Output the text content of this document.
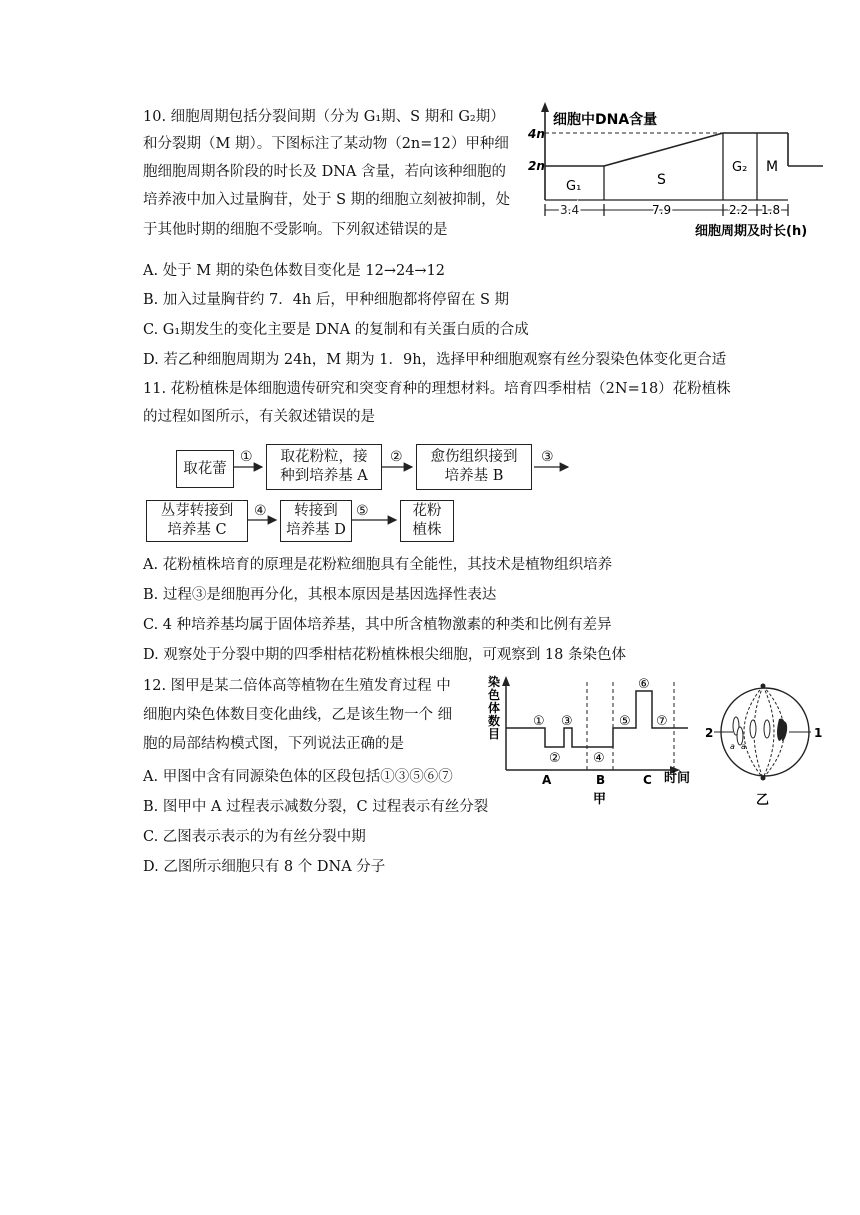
10. 细胞周期包括分裂间期（分为 G₁期、S 期和 G₂期）
和分裂期（M 期）。下图标注了某动物（2n=12）甲种细
胞细胞周期各阶段的时长及 DNA 含量，若向该种细胞的
培养液中加入过量胸苷，处于 S 期的细胞立刻被抑制，处
于其他时期的细胞不受影响。下列叙述错误的是
细胞中DNA含量
4n
2n
G₁	S
G₂ M
3.4	7.9	2.2 1.8
细胞周期及时长(h)
A. 处于 M 期的染色体数目变化是 12→24→12
B. 加入过量胸苷约 7．4h 后，甲种细胞都将停留在 S 期
C. G₁期发生的变化主要是 DNA 的复制和有关蛋白质的合成
D. 若乙种细胞周期为 24h，M 期为 1．9h，选择甲种细胞观察有丝分裂染色体变化更合适
11. 花粉植株是体细胞遗传研究和突变育种的理想材料。培育四季柑桔（2N=18）花粉植株
的过程如图所示，有关叙述错误的是
①	②	③
④	⑤
取花蕾
取花粉粒，接
种到培养基 A
愈伤组织接到
培养基 B
丛芽转接到
培养基 C
转接到
培养基 D
花粉
植株
A. 花粉植株培育的原理是花粉粒细胞具有全能性，其技术是植物组织培养
B. 过程③是细胞再分化，其根本原因是基因选择性表达
C. 4 种培养基均属于固体培养基，其中所含植物激素的种类和比例有差异
D. 观察处于分裂中期的四季柑桔花粉植株根尖细胞，可观察到 18 条染色体
12. 图甲是某二倍体高等植物在生殖发育过程 中
细胞内染色体数目变化曲线，乙是该生物一个 细
胞的局部结构模式图，下列说法正确的是
A. 甲图中含有同源染色体的区段包括①③⑤⑥⑦
B. 图甲中 A 过程表示减数分裂，C 过程表示有丝分裂
C. 乙图表示表示的为有丝分裂中期
D. 乙图所示细胞只有 8 个 DNA 分子
染
色
体
数
目
①
②
③
④
⑤
⑥
⑦
A	B	C 时间
甲
2	1
a a
乙
